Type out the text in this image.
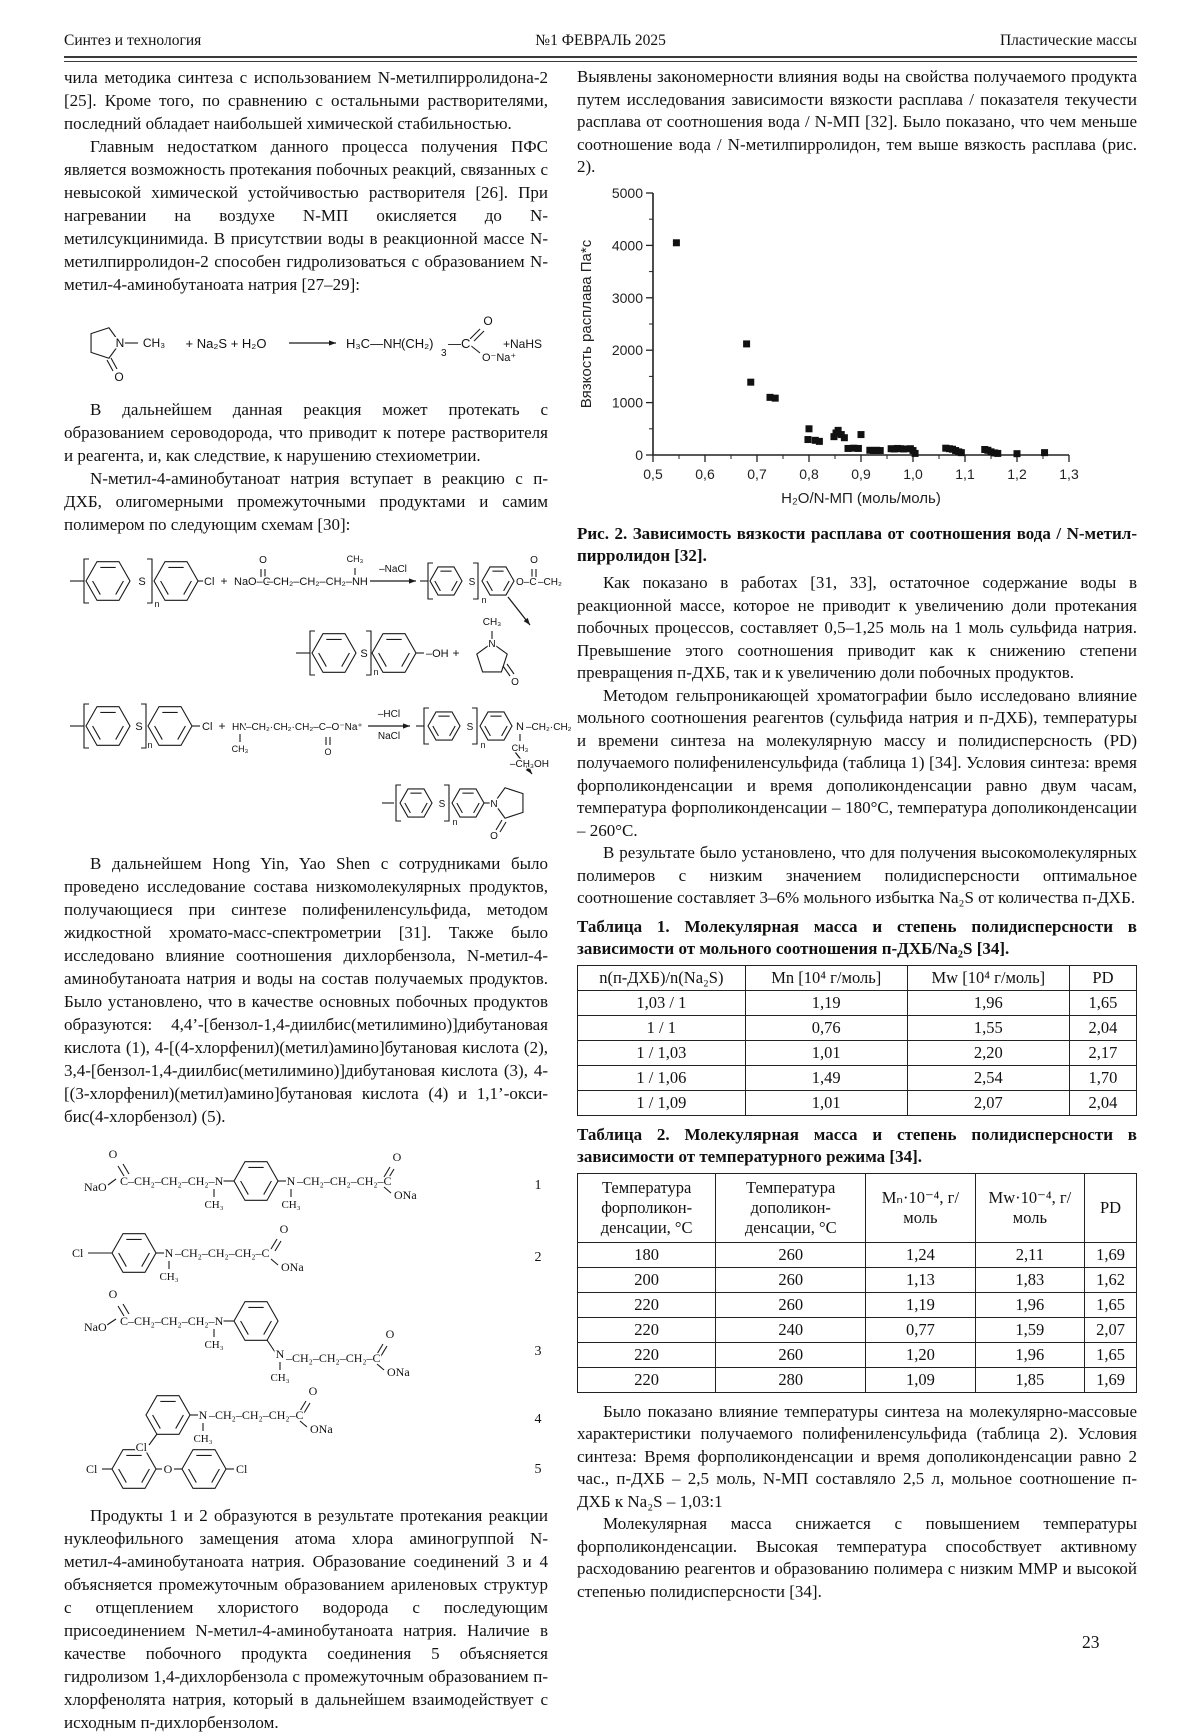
Синтез и технология	№1 ФЕВРАЛЬ 2025	Пластические массы

чила методика синтеза с использованием N-метилпирролидона-2 [25]. Кроме того, по сравнению с остальными растворителями, последний обладает наибольшей химической стабильностью.

Главным недостатком данного процесса получения ПФС является возможность протекания побочных реакций, связанных с невысокой химической устойчивостью растворителя [26]. При нагревании на воздухе N-МП окисляется до N-метилсукцинимида. В присутствии воды в реакционной массе N-метилпирролидон-2 способен гидролизоваться с образованием N-метил-4-аминобутаноата натрия [27–29]:

N CH₃
O
+ Na₂S + H₂O	H₃C—NH (CH₂)
3
—C
O
O⁻Na⁺
+NaHS

В дальнейшем данная реакция может протекать с образованием сероводорода, что приводит к потере растворителя и реагента, и, как следствие, к нарушению стехиометрии.

N-метил-4-аминобутаноат натрия вступает в реакцию с п-ДХБ, олигомерными промежуточными продуктами и самим полимером по следующим схемам [30]:

S
n
Cl + NaO–C
O
–CH₂–CH₂–CH₂–NH
CH₃
–NaCl
S
n
O–C
O
–CH₂
S
n
–OH +
N
CH₃
O
S
n
Cl + HN
CH₃
–CH₂·CH₂·CH₂–C–O⁻Na⁺
O
–HCl
NaCl
S
n
N
CH₃
–CH₂·CH₂
–CH₃OH
S
n
N
O

В дальнейшем Hong Yin, Yao Shen с сотрудниками было проведено исследование состава низкомолекулярных продуктов, получающиеся при синтезе полифениленсульфида, методом жидкостной хромато-масс-спектрометрии [31]. Также было исследовано влияние соотношения дихлорбензола, N-метил-4-аминобутаноата натрия и воды на состав получаемых продуктов. Было установлено, что в качестве основных побочных продуктов образуются: 4,4’-[бензол-1,4-диилбис(метилимино)]дибутановая кислота (1), 4-[(4-хлорфенил)(метил)амино]бутановая кислота (2), 3,4-[бензол-1,4-диилбис(метилимино)]дибутановая кислота (3), 4-[(3-хлорфенил)(метил)амино]бутановая кислота (4) и 1,1’-окси-бис(4-хлорбензол) (5).

NaO
O
C–CH₂–CH₂–CH₂–N
CH₃
N
CH₃
–CH₂–CH₂–CH₂–C
O
ONa
1
Cl	N
CH₃
–CH₂–CH₂–CH₂–C
O
ONa
2
NaO
O
C–CH₂–CH₂–CH₂–N
CH₃
N
CH₃
–CH₂–CH₂–CH₂–C
O
ONa
3
Cl
N
CH₃
–CH₂–CH₂–CH₂–C
O
ONa
4
Cl	O	Cl	5

Продукты 1 и 2 образуются в результате протекания реакции нуклеофильного замещения атома хлора аминогруппой N-метил-4-аминобутаноата натрия. Образование соединений 3 и 4 объясняется промежуточным образованием ариленовых структур с отщеплением хлористого водорода с последующим присоединением N-метил-4-аминобутаноата натрия. Наличие в качестве побочного продукта соединения 5 объясняется гидролизом 1,4-дихлорбензола с промежуточным образованием п-хлорфенолята натрия, который в дальнейшем взаимодействует с исходным п-дихлорбензолом.

Выявлены закономерности влияния воды на свойства получаемого продукта путем исследования зависимости вязкости расплава / показателя текучести расплава от соотношения вода / N-МП [32]. Было показано, что чем меньше соотношение вода / N-метилпирролидон, тем выше вязкость расплава (рис. 2).

0
1000
2000
3000
4000
5000
0,5 0,6 0,7 0,8 0,9 1,0 1,1 1,2 1,3
Вязкость расплава Па*с
H₂O/N-МП (моль/моль)
Рис. 2. Зависимость вязкости расплава от соотношения вода / N-метил-пирролидон [32].

Как показано в работах [31, 33], остаточное содержание воды в реакционной массе, которое не приводит к увеличению доли протекания побочных процессов, составляет 0,5–1,25 моль на 1 моль сульфида натрия. Превышение этого соотношения приводит как к снижению степени превращения п-ДХБ, так и к увеличению доли побочных продуктов.

Методом гельпроникающей хроматографии было исследовано влияние мольного соотношения реагентов (сульфида натрия и п-ДХБ), температуры и времени синтеза на молекулярную массу и полидисперсность (PD) получаемого полифениленсульфида (таблица 1) [34]. Условия синтеза: время форполиконденсации и время дополиконденсации равно двум часам, температура форполиконденсации – 180°С, температура дополиконденсации – 260°С.

В результате было установлено, что для получения высокомолекулярных полимеров с низким значением полидисперсности оптимальное соотношение составляет 3–6% мольного избытка Na₂S от количества п-ДХБ.

Таблица 1. Молекулярная масса и степень полидисперсности в зависимости от мольного соотношения п-ДХБ/Na₂S [34].
n(п-ДХБ)/n(Na₂S)	Mn [10⁴ г/моль]	Mw [10⁴ г/моль]	PD
1,03 / 1	1,19	1,96	1,65
1 / 1	0,76	1,55	2,04
1 / 1,03	1,01	2,20	2,17
1 / 1,06	1,49	2,54	1,70
1 / 1,09	1,01	2,07	2,04
Таблица 2. Молекулярная масса и степень полидисперсности в зависимости от температурного режима [34].
Температура форполикон-денсации, °С	Температура дополикон-денсации, °С	Mₙ·10⁻⁴, г/моль	Mw·10⁻⁴, г/моль	PD
180	260	1,24	2,11	1,69
200	260	1,13	1,83	1,62
220	260	1,19	1,96	1,65
220	240	0,77	1,59	2,07
220	260	1,20	1,96	1,65
220	280	1,09	1,85	1,69

Было показано влияние температуры синтеза на молекулярно-массовые характеристики получаемого полифениленсульфида (таблица 2). Условия синтеза: Время форполиконденсации и время дополиконденсации равно 2 час., п-ДХБ – 2,5 моль, N-МП составляло 2,5 л, мольное соотношение п-ДХБ к Na₂S – 1,03:1

Молекулярная масса снижается с повышением температуры форполиконденсации. Высокая температура способствует активному расходованию реагентов и образованию полимера с низким ММР и высокой степенью полидисперсности [34].

23
